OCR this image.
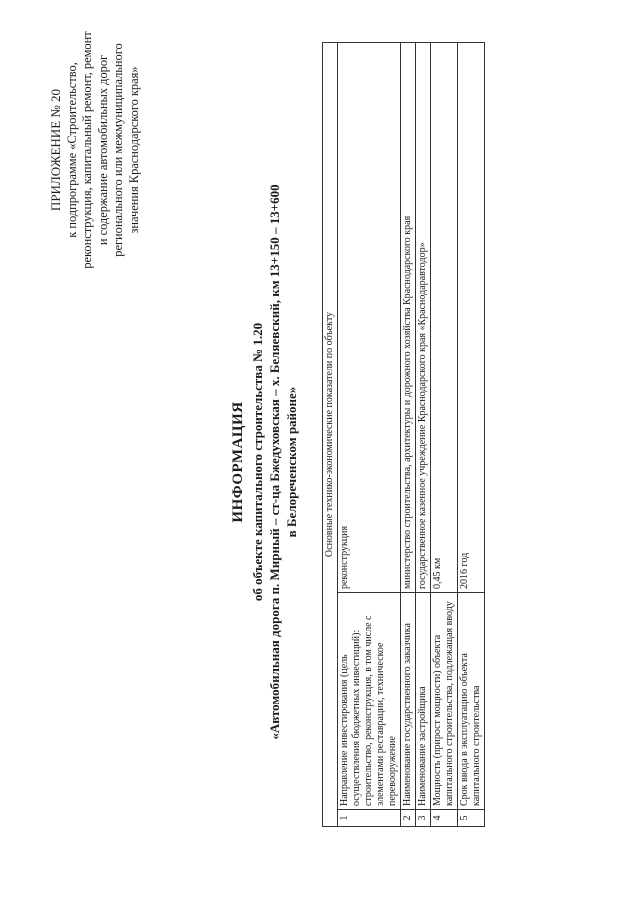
ПРИЛОЖЕНИЕ № 20 к подпрограмме «Строительство, реконструкция, капитальный ремонт, ремонт и содержание автомобильных дорог регионального или межмуниципального значения Краснодарского края»
ИНФОРМАЦИЯ об объекте капитального строительства № 1.20 «Автомобильная дорога п. Мирный – ст-ца Бжедуховская – х. Беляевский, км 13+150 – 13+600 в Белореченском районе»	Основные технико-экономические показатели по объекту		
1	Направление инвестирования (цель осуществления бюджетных инвестиций): строительство, реконструкция, в том числе с элементами реставрации, техническое перевооружение	реконструкция
2	Наименование государственного заказчика	министерство строительства, архитектуры и дорожного хозяйства Краснодарского края
3	Наименование застройщика	государственное казенное учреждение Краснодарского края «Краснодаравтодор»
4	Мощность (прирост мощности) объекта капитального строительства, подлежащая вводу	0,45 км
5	Срок ввода в эксплуатацию объекта капитального строительства	2016 год
